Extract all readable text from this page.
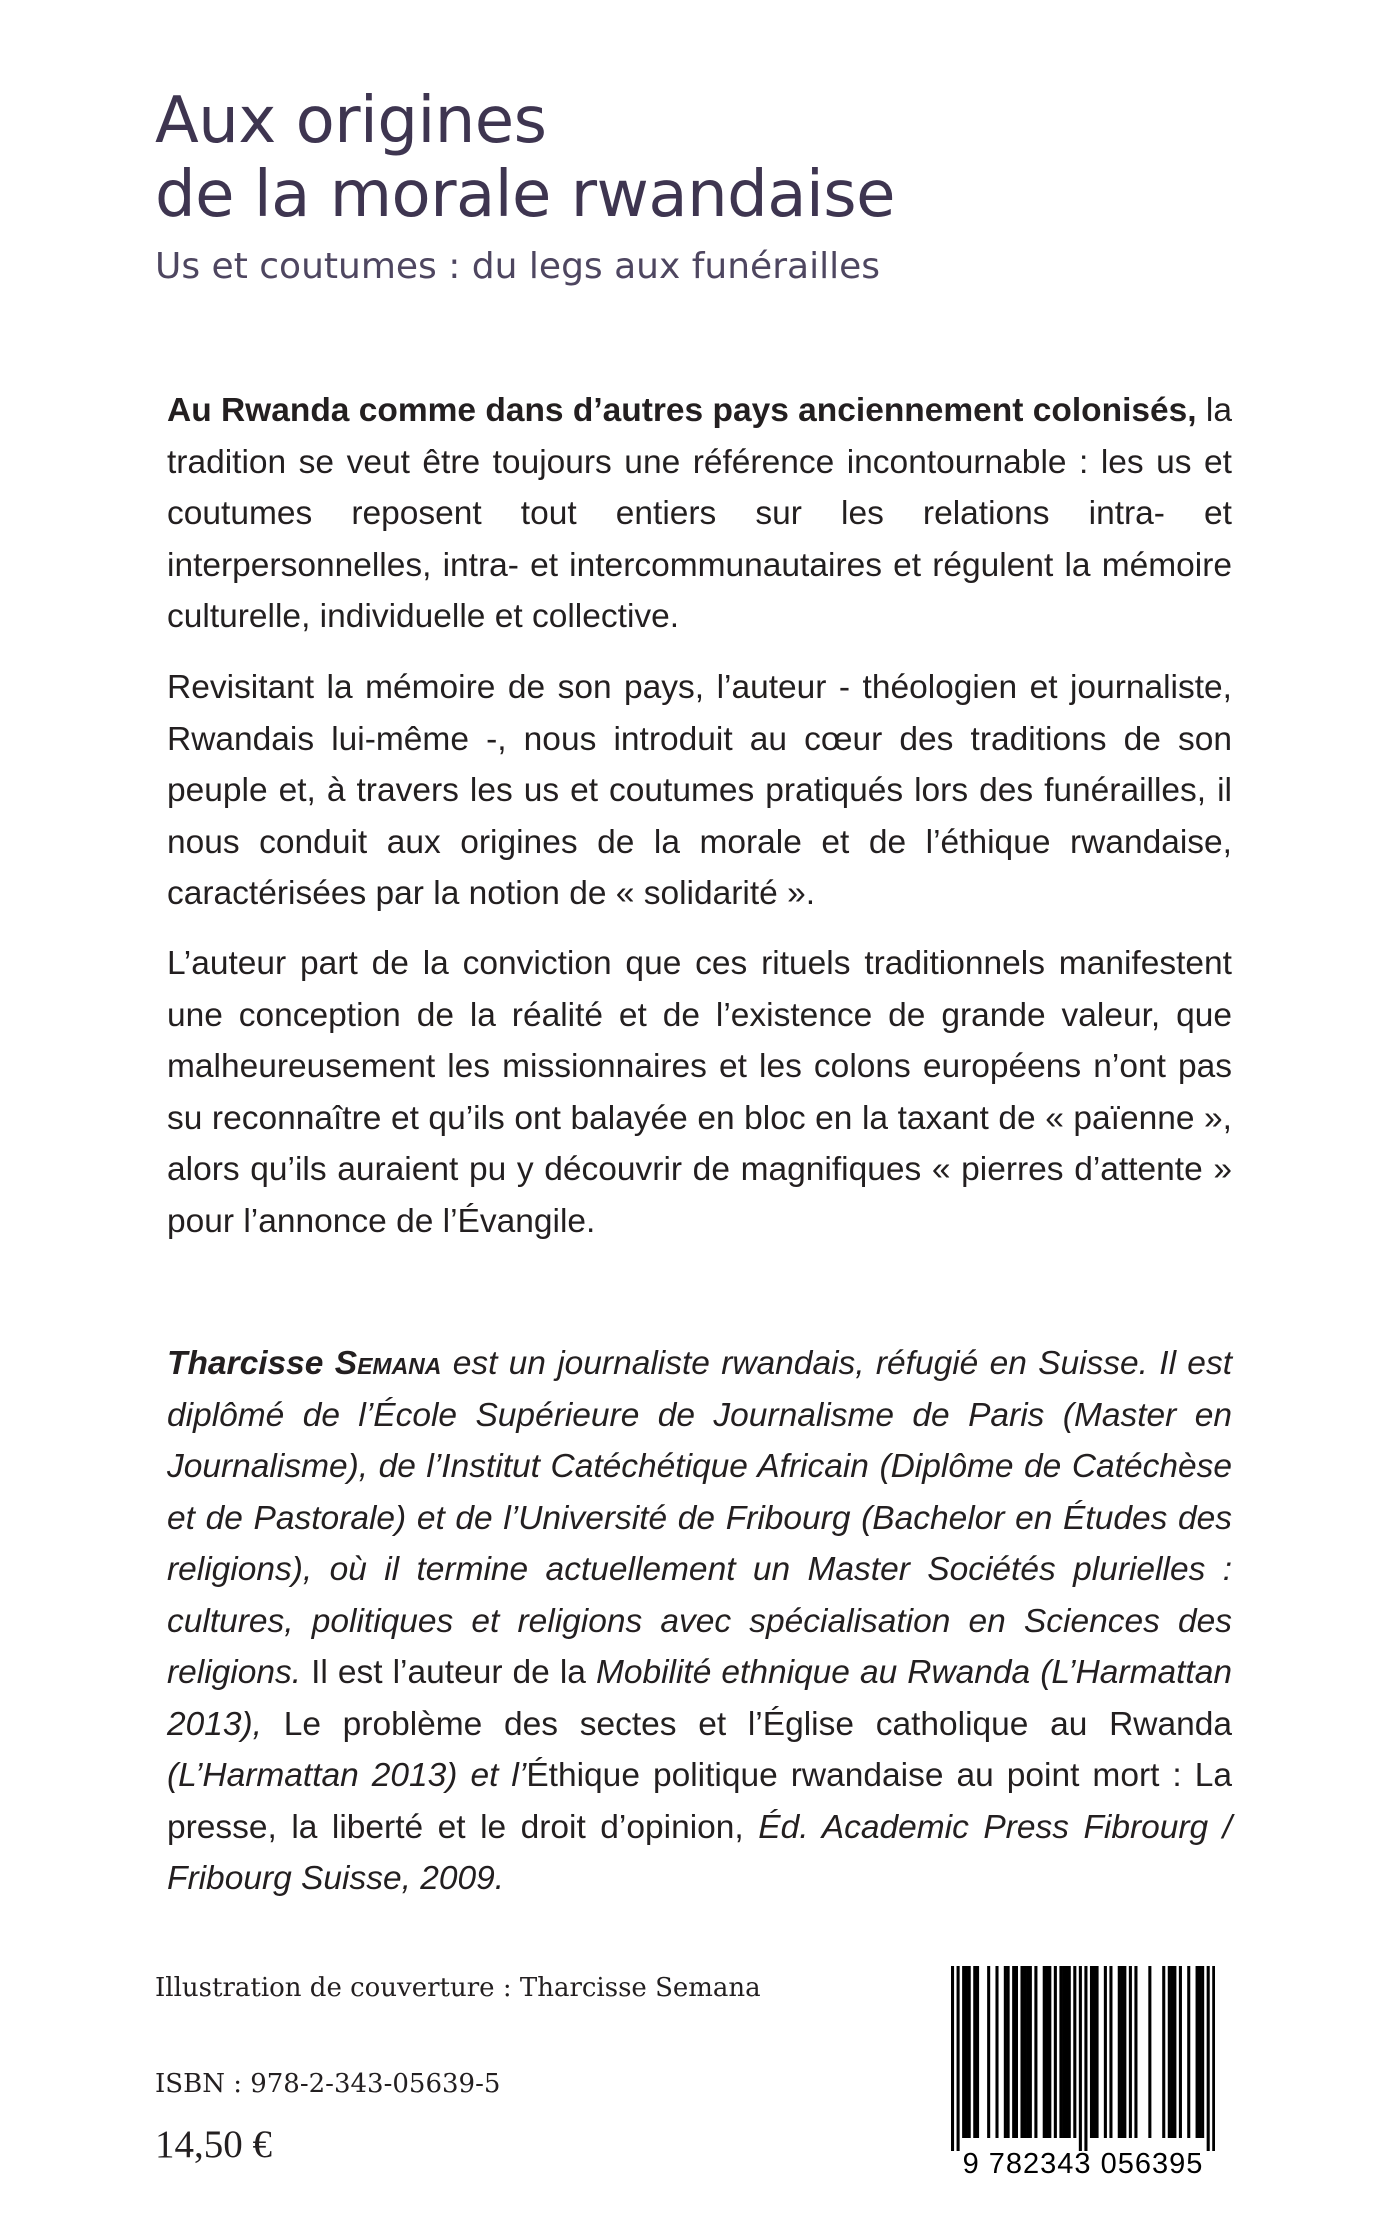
Aux origines
de la morale rwandaise

Us et coutumes : du legs aux funérailles

Au Rwanda comme dans d’autres pays anciennement colonisés, la tradition se veut être toujours une référence incontournable : les us et coutumes reposent tout entiers sur les relations intra- et interpersonnelles, intra- et intercommunautaires et régulent la mémoire culturelle, individuelle et collective.

Revisitant la mémoire de son pays, l’auteur - théologien et journaliste, Rwandais lui-même -, nous introduit au cœur des traditions de son peuple et, à travers les us et coutumes pratiqués lors des funérailles, il nous conduit aux origines de la morale et de l’éthique rwandaise, caractérisées par la notion de « solidarité ».

L’auteur part de la conviction que ces rituels traditionnels manifestent une conception de la réalité et de l’existence de grande valeur, que malheureusement les missionnaires et les colons européens n’ont pas su reconnaître et qu’ils ont balayée en bloc en la taxant de « païenne », alors qu’ils auraient pu y découvrir de magnifiques « pierres d’attente » pour l’annonce de l’Évangile.

Tharcisse Semana est un journaliste rwandais, réfugié en Suisse. Il est diplômé de l’École Supérieure de Journalisme de Paris (Master en Journalisme), de l’Institut Catéchétique Africain (Diplôme de Catéchèse et de Pastorale) et de l’Université de Fribourg (Bachelor en Études des religions), où il termine actuellement un Master Sociétés plurielles : cultures, politiques et religions avec spécialisation en Sciences des religions. Il est l’auteur de la Mobilité ethnique au Rwanda (L’Harmattan 2013), Le problème des sectes et l’Église catholique au Rwanda (L’Harmattan 2013) et l’Éthique politique rwandaise au point mort : La presse, la liberté et le droit d’opinion, Éd. Academic Press Fibrourg / Fribourg Suisse, 2009.

Illustration de couverture : Tharcisse Semana

ISBN : 978-2-343-05639-5

14,50 €	9 782343 056395
